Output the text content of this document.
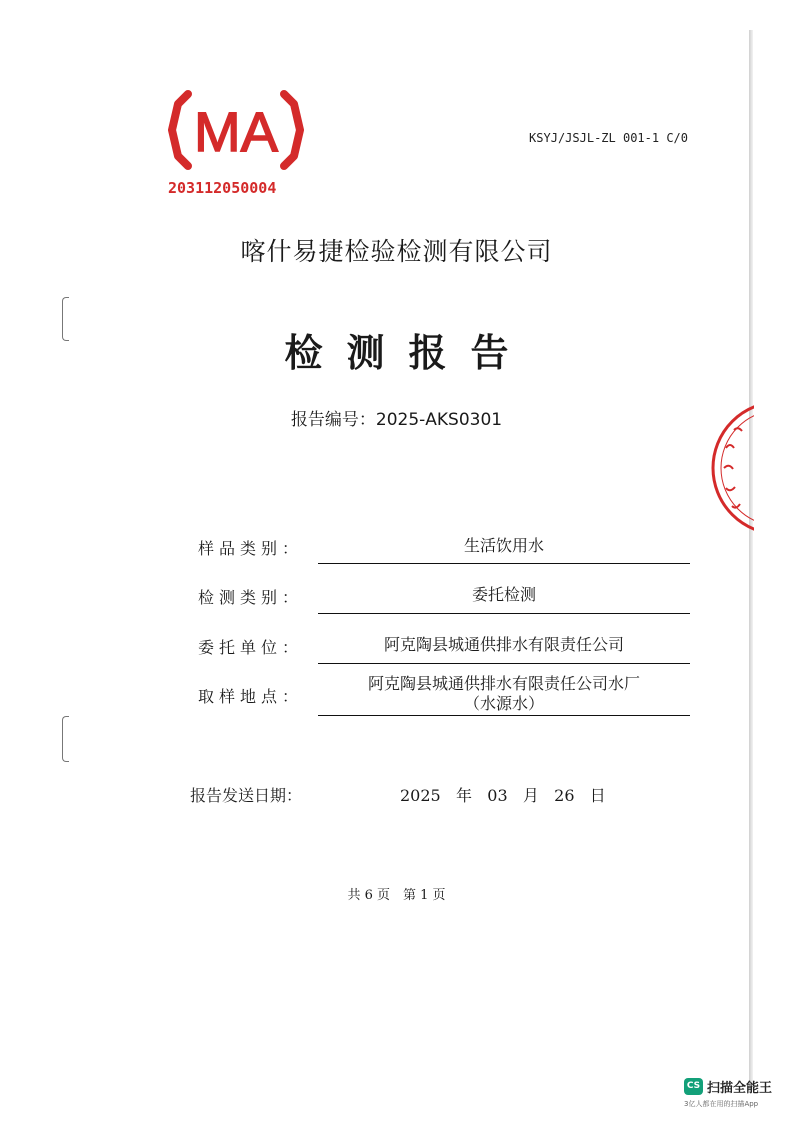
MA
203112050004
KSYJ/JSJL-ZL 001-1 C/0
喀什易捷检验检测有限公司
检测报告
报告编号：2025-AKS0301
样品类别：	生活饮用水
检测类别：	委托检测
委托单位：	阿克陶县城通供排水有限责任公司
取样地点：
阿克陶县城通供排水有限责任公司水厂
（水源水）
报告发送日期：	2025 年 03 月 26 日
共 6 页　第 1 页
CS 扫描全能王
3亿人都在用的扫描App
